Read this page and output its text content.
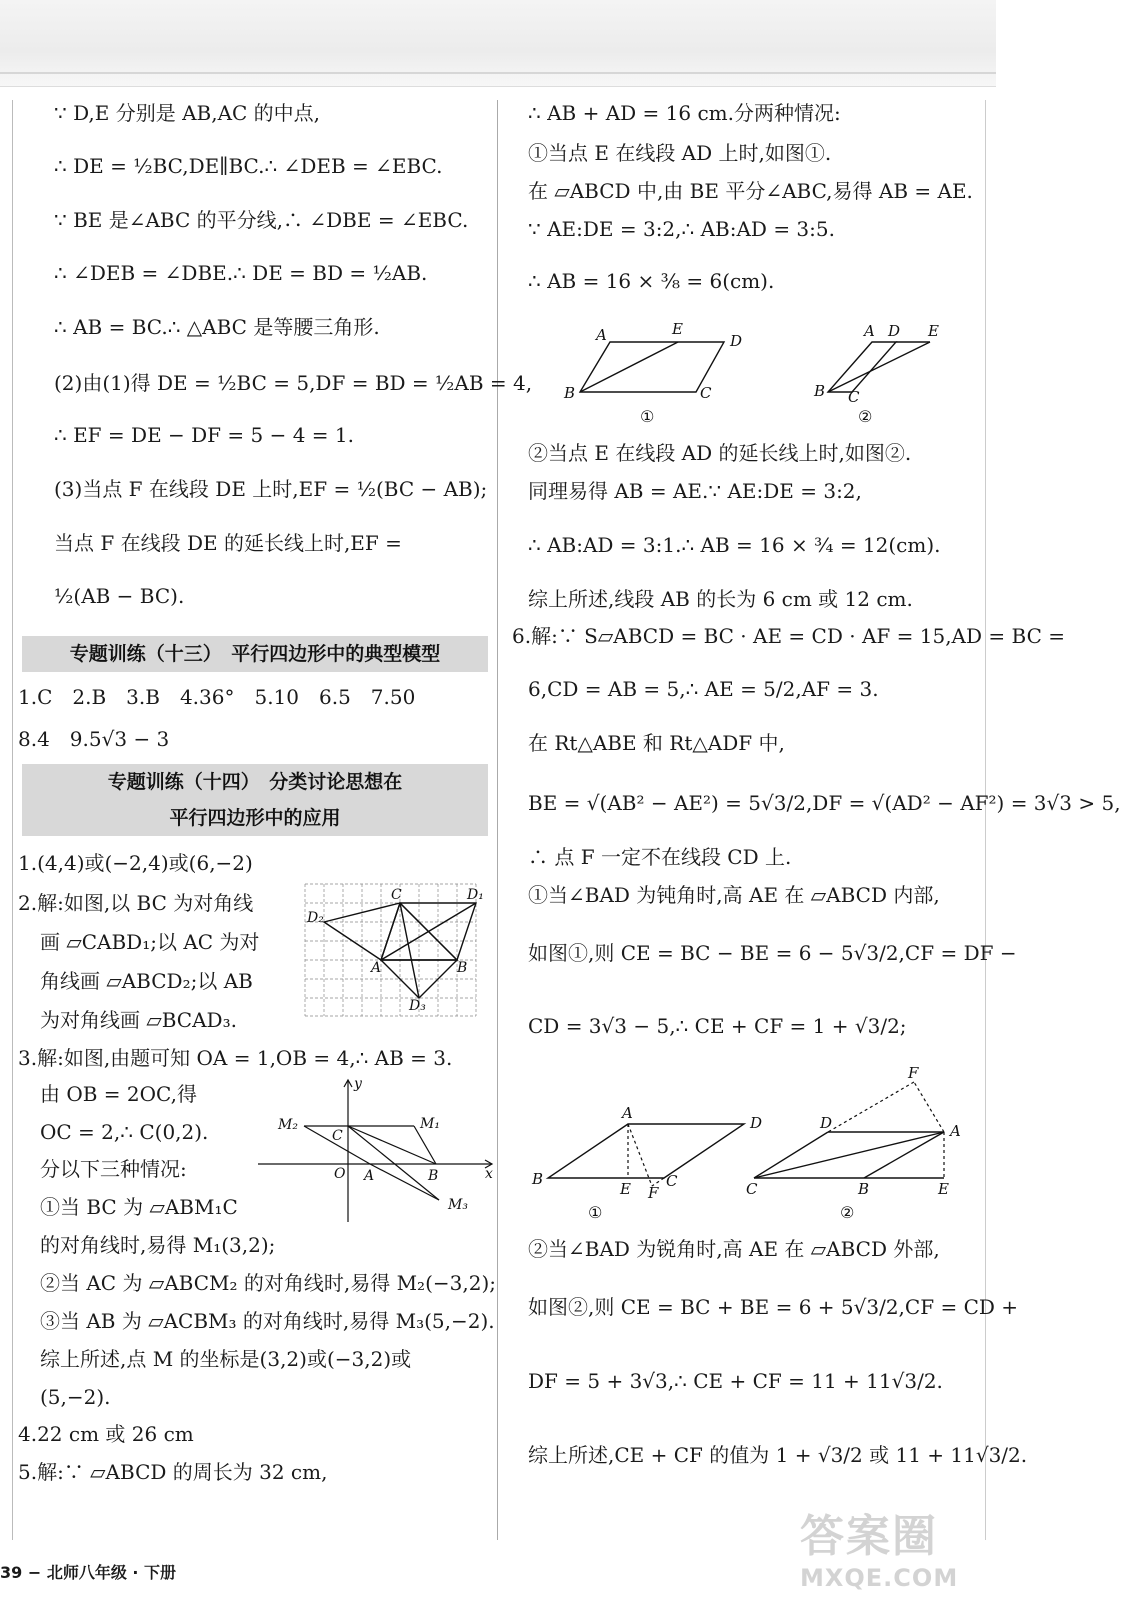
∵ D,E 分别是 AB,AC 的中点,
∴ DE = ½BC,DE∥BC.∴ ∠DEB = ∠EBC.
∵ BE 是∠ABC 的平分线,∴ ∠DBE = ∠EBC.
∴ ∠DEB = ∠DBE.∴ DE = BD = ½AB.
∴ AB = BC.∴ △ABC 是等腰三角形.
(2)由(1)得 DE = ½BC = 5,DF = BD = ½AB = 4,
∴ EF = DE − DF = 5 − 4 = 1.
(3)当点 F 在线段 DE 上时,EF = ½(BC − AB);
当点 F 在线段 DE 的延长线上时,EF =
½(AB − BC).
专题训练（十三）　平行四边形中的典型模型
1.C　2.B　3.B　4.36°　5.10　6.5　7.50
8.4　9.5√3 − 3
专题训练（十四）　分类讨论思想在
平行四边形中的应用
1.(4,4)或(−2,4)或(6,−2)
2.解:如图,以 BC 为对角线
画 ▱CABD₁;以 AC 为对
角线画 ▱ABCD₂;以 AB
为对角线画 ▱BCAD₃.
C	D₁
D₂
A	B
D₃
3.解:如图,由题可知 OA = 1,OB = 4,∴ AB = 3.
由 OB = 2OC,得
OC = 2,∴ C(0,2).
分以下三种情况:
①当 BC 为 ▱ABM₁C
的对角线时,易得 M₁(3,2);
y
x
O A	B
C
M₁
M₂
M₃
②当 AC 为 ▱ABCM₂ 的对角线时,易得 M₂(−3,2);
③当 AB 为 ▱ACBM₃ 的对角线时,易得 M₃(5,−2).
综上所述,点 M 的坐标是(3,2)或(−3,2)或
(5,−2).
4.22 cm 或 26 cm
5.解:∵ ▱ABCD 的周长为 32 cm,
∴ AB + AD = 16 cm.分两种情况:
①当点 E 在线段 AD 上时,如图①.
在 ▱ABCD 中,由 BE 平分∠ABC,易得 AB = AE.
∵ AE:DE = 3:2,∴ AB:AD = 3:5.
∴ AB = 16 × ⅜ = 6(cm).
A	E
D
B	C
A D E
B C
①	②
②当点 E 在线段 AD 的延长线上时,如图②.
同理易得 AB = AE.∵ AE:DE = 3:2,
∴ AB:AD = 3:1.∴ AB = 16 × ¾ = 12(cm).
综上所述,线段 AB 的长为 6 cm 或 12 cm.
6.解:∵ S▱ABCD = BC · AE = CD · AF = 15,AD = BC =
6,CD = AB = 5,∴ AE = 5/2,AF = 3.
在 Rt△ABE 和 Rt△ADF 中,
BE = √(AB² − AE²) = 5√3/2,DF = √(AD² − AF²) = 3√3 > 5,
∴ 点 F 一定不在线段 CD 上.
①当∠BAD 为钝角时,高 AE 在 ▱ABCD 内部,
如图①,则 CE = BC − BE = 6 − 5√3/2,CF = DF −
CD = 3√3 − 5,∴ CE + CF = 1 + √3/2;
A
D
B
E F
C
F
D	A
C	B	E
①	②
②当∠BAD 为锐角时,高 AE 在 ▱ABCD 外部,
如图②,则 CE = BC + BE = 6 + 5√3/2,CF = CD +
DF = 5 + 3√3,∴ CE + CF = 11 + 11√3/2.
综上所述,CE + CF 的值为 1 + √3/2 或 11 + 11√3/2.
39 − 北师八年级 · 下册
答案圈
MXQE.COM
